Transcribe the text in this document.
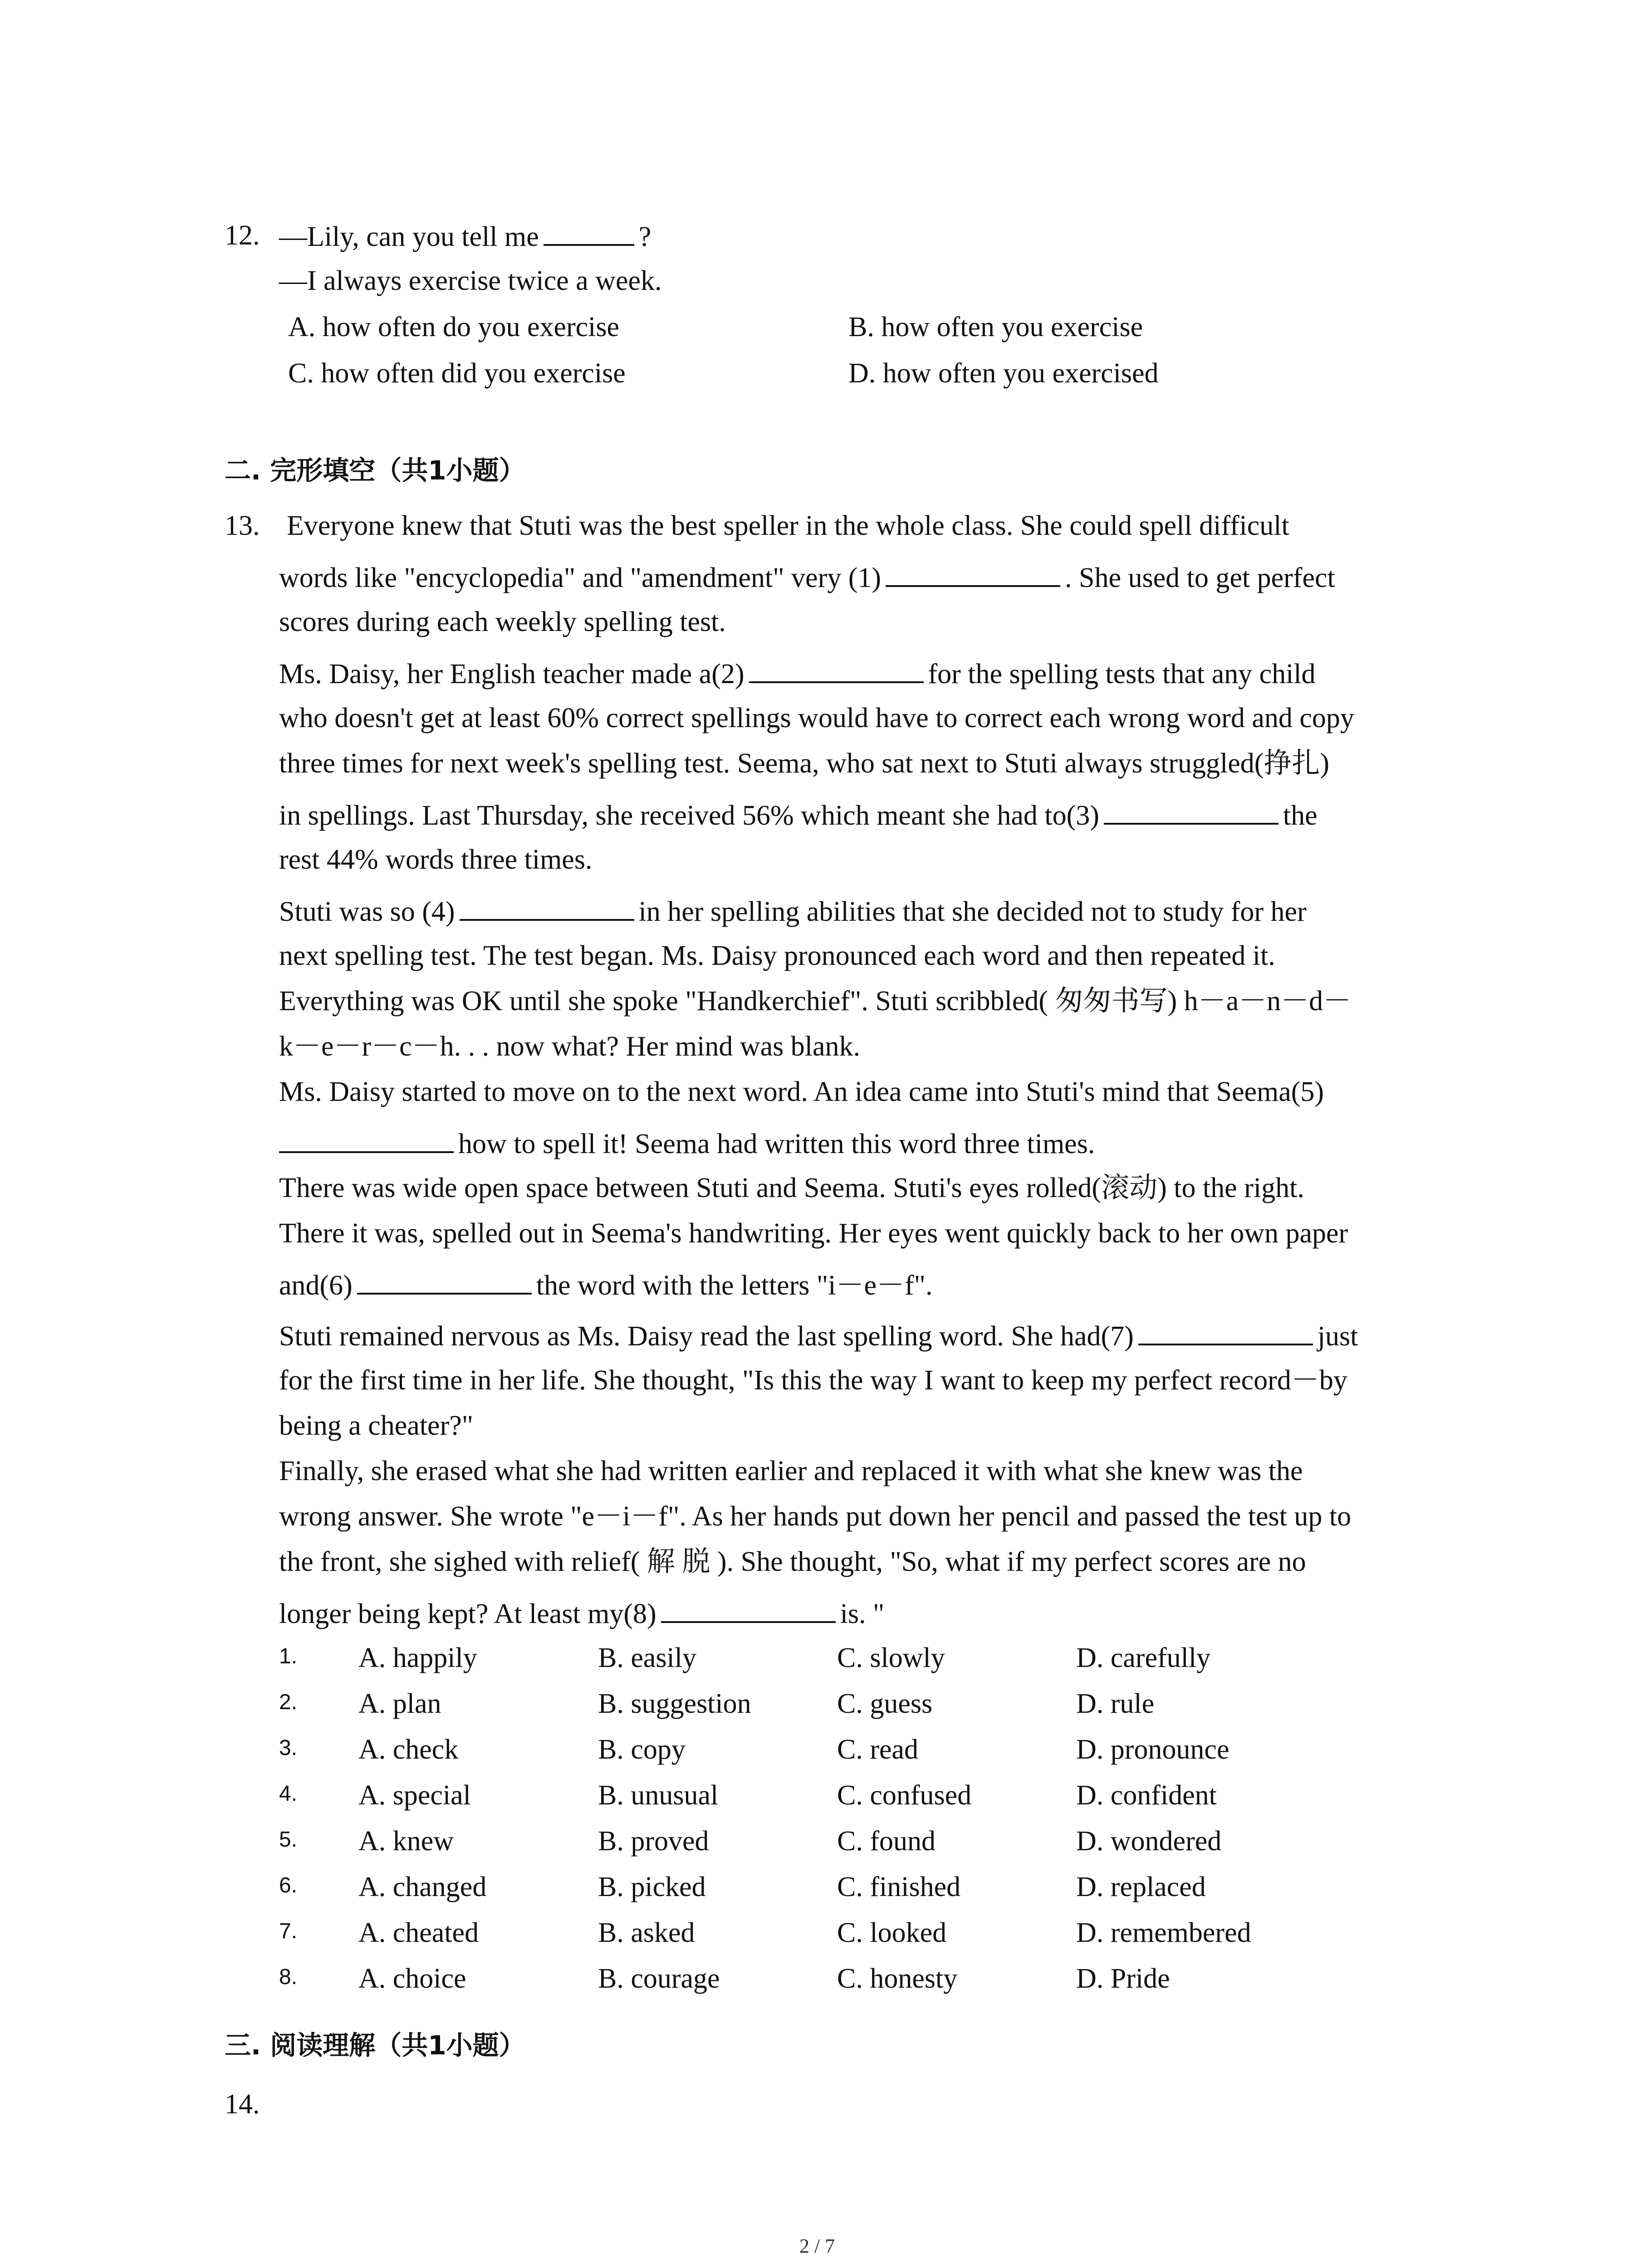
12. —Lily, can you tell me	?
—I always exercise twice a week.
A. how often do you exercise	B. how often you exercise
C. how often did you exercise	D. how often you exercised
二. 完形填空（共1小题）
13. Everyone knew that Stuti was the best speller in the whole class. She could spell difficult
words like "encyclopedia" and "amendment" very (1)	. She used to get perfect
scores during each weekly spelling test.
Ms. Daisy, her English teacher made a(2)	for the spelling tests that any child
who doesn't get at least 60% correct spellings would have to correct each wrong word and copy
three times for next week's spelling test. Seema, who sat next to Stuti always struggled(挣扎)
in spellings. Last Thursday, she received 56% which meant she had to(3)	the
rest 44% words three times.
Stuti was so (4)	in her spelling abilities that she decided not to study for her
next spelling test. The test began. Ms. Daisy pronounced each word and then repeated it.
Everything was OK until she spoke "Handkerchief". Stuti scribbled( 匆匆书写) h－a－n－d－
k－e－r－c－h. . . now what? Her mind was blank.
Ms. Daisy started to move on to the next word. An idea came into Stuti's mind that Seema(5)
how to spell it! Seema had written this word three times.
There was wide open space between Stuti and Seema. Stuti's eyes rolled(滚动) to the right.
There it was, spelled out in Seema's handwriting. Her eyes went quickly back to her own paper
and(6)	the word with the letters "i－e－f".
Stuti remained nervous as Ms. Daisy read the last spelling word. She had(7)	just
for the first time in her life. She thought, "Is this the way I want to keep my perfect record－by
being a cheater?"
Finally, she erased what she had written earlier and replaced it with what she knew was the
wrong answer. She wrote "e－i－f". As her hands put down her pencil and passed the test up to
the front, she sighed with relief( 解 脱 ). She thought, "So, what if my perfect scores are no
longer being kept? At least my(8)	is. "
1. A. happily	B. easily	C. slowly	D. carefully
2. A. plan	B. suggestion	C. guess	D. rule
3. A. check	B. copy	C. read	D. pronounce
4. A. special	B. unusual	C. confused	D. confident
5. A. knew	B. proved	C. found	D. wondered
6. A. changed	B. picked	C. finished	D. replaced
7. A. cheated	B. asked	C. looked	D. remembered
8. A. choice	B. courage	C. honesty	D. Pride
三. 阅读理解（共1小题）
14.
2 / 7
